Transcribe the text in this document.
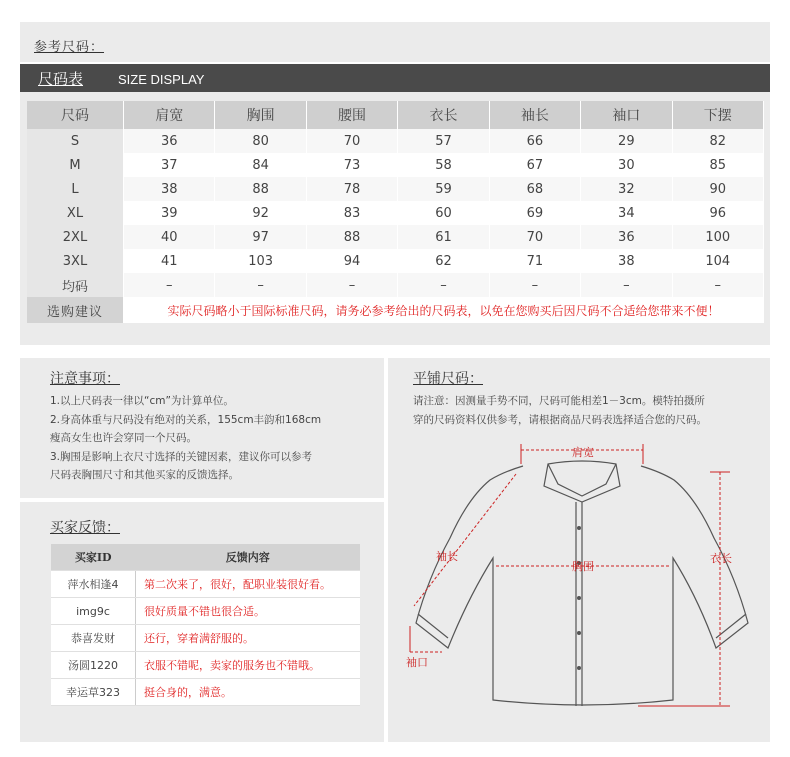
参考尺码：
尺码表	SIZE DISPLAY
尺码	肩宽	胸围	腰围	衣长	袖长	袖口	下摆
S	36	80	70	57	66	29	82
M	37	84	73	58	67	30	85
L	38	88	78	59	68	32	90
XL	39	92	83	60	69	34	96
2XL	40	97	88	61	70	36	100
3XL	41	103	94	62	71	38	104
均码	–	–	–	–	–	–	–
选购建议	实际尺码略小于国际标准尺码，请务必参考给出的尺码表，以免在您购买后因尺码不合适给您带来不便！						
注意事项：
1.以上尺码表一律以“cm”为计算单位。
2.身高体重与尺码没有绝对的关系，155cm丰韵和168cm
瘦高女生也许会穿同一个尺码。
3.胸围是影响上衣尺寸选择的关键因素，建议你可以参考
尺码表胸围尺寸和其他买家的反馈选择。
买家反馈：
买家ID	反馈内容
萍水相逢4	第二次来了，很好，配职业装很好看。
img9c	很好质量不错也很合适。
恭喜发财	还行，穿着满舒服的。
汤圆1220	衣服不错呢，卖家的服务也不错哦。
幸运草323	挺合身的，满意。
平铺尺码：
请注意：因测量手势不同，尺码可能相差1－3cm。模特拍摄所
穿的尺码资料仅供参考，请根据商品尺码表选择适合您的尺码。
肩宽
袖长
胸围
衣长
袖口
